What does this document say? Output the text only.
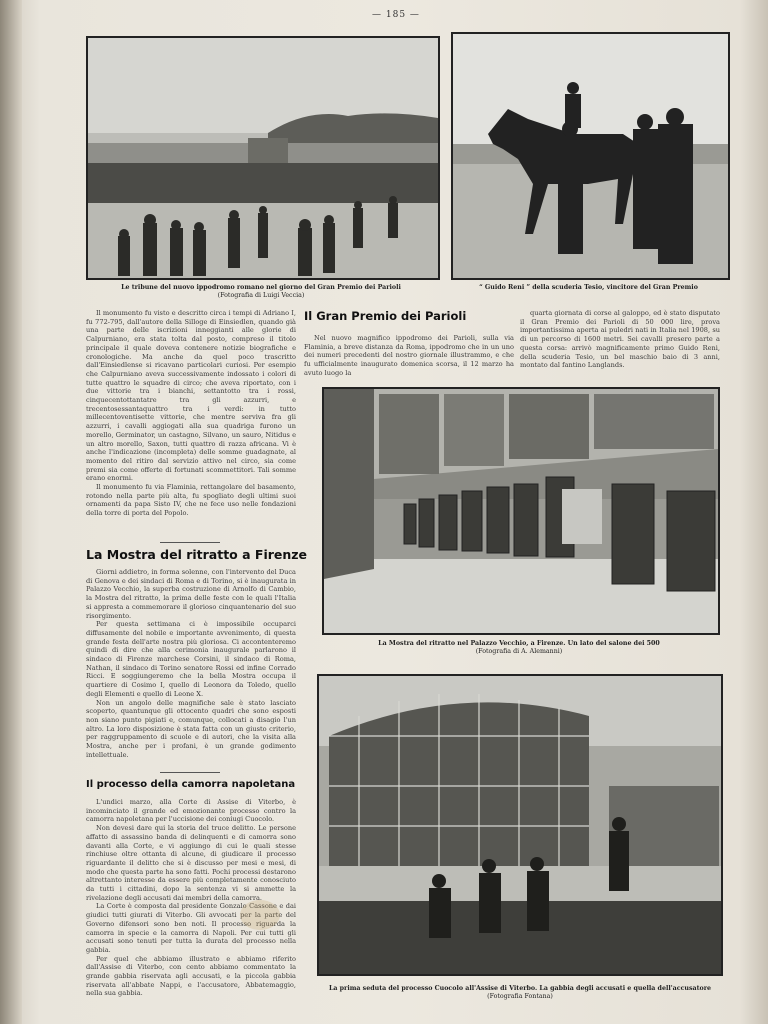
— 185 —
Le tribune del nuovo ippodromo romano nel giorno del Gran Premio dei Parioli
(Fotografia di Luigi Veccia)
“ Guido Reni ” della scuderia Tesio, vincitore del Gran Premio

Il monumento fu visto e descritto circa i tempi di Adriano I, fu 772-795, dall'autore della Silloge di Einsiedlen, quando già una parte delle iscrizioni inneggianti alle glorie di Calpurniano, era stata tolta dal posto, compreso il titolo principale il quale doveva contenere notizie biografiche e cronologiche. Ma anche da quel poco trascritto dall'Einsiedlense si ricavano particolari curiosi. Per esempio che Calpurniano aveva successivamente indossato i colori di tutte quattro le squadre di circo; che aveva riportato, con i due vittorie tra i bianchi, settantotto tra i rossi, cinquecentottantatre tra gli azzurri, e trecentosessantaquattro tra i verdi: in tutto millecentoventisette vittorie, che mentre serviva fra gli azzurri, i cavalli aggiogati alla sua quadriga furono un morello, Germinator, un castagno, Silvano, un sauro, Nitidus e un altro morello, Saxon, tutti quattro di razza africana. Vi è anche l'indicazione (incompleta) delle somme guadagnate, al momento del ritiro dal servizio attivo nel circo, sia come premi sia come offerte di fortunati scommettitori. Tali somme erano enormi.

Il monumento fu via Flaminia, rettangolare del basamento, rotondo nella parte più alta, fu spogliato degli ultimi suoi ornamenti da papa Sisto IV, che ne fece uso nelle fondazioni della torre di porta del Popolo.

La Mostra del ritratto a Firenze

Giorni addietro, in forma solenne, con l'intervento del Duca di Genova e dei sindaci di Roma e di Torino, si è inaugurata in Palazzo Vecchio, la superba costruzione di Arnolfo di Cambio, la Mostra del ritratto, la prima delle feste con le quali l'Italia si appresta a commemorare il glorioso cinquantenario del suo risorgimento.

Per questa settimana ci è impossibile occuparci diffusamente del nobile e importante avvenimento, di questa grande festa dell'arte nostra più gloriosa. Ci accontenteremo quindi di dire che alla cerimonia inaugurale parlarono il sindaco di Firenze marchese Corsini, il sindaco di Roma, Nathan, il sindaco di Torino senatore Rossi ed infine Corrado Ricci. E soggiungeremo che la bella Mostra occupa il quartiere di Cosimo I, quello di Leonora da Toledo, quello degli Elementi e quello di Leone X.

Non un angolo delle magnifiche sale è stato lasciato scoperto, quantunque gli ottocento quadri che sono esposti non siano punto pigiati e, comunque, collocati a disagio l'un altro. La loro disposizione è stata fatta con un giusto criterio, per raggruppamento di scuole e di autori, che la visita alla Mostra, anche per i profani, è un grande godimento intellettuale.

Il processo della camorra napoletana

L'undici marzo, alla Corte di Assise di Viterbo, è incominciato il grande ed emozionante processo contro la camorra napoletana per l'uccisione dei coniugi Cuocolo.

Non devesi dare qui la storia del truce delitto. Le persone affatto di assassino banda di delinquenti e di camorra sono davanti alla Corte, e vi aggiungo di cui le quali stesse rinchiuse oltre ottanta di alcune, di giudicare il processo riguardante il delitto che si è discusso per mesi e mesi, di modo che questa parte ha sono fatti. Pochi processi destarono altrettanto interesse da essere più completamente conosciuto da tutti i cittadini, dopo la sentenza vi si ammette la rivelazione degli accusati dai membri della camorra.

La Corte è composta dal presidente Gonzalo Cassone e dai giudici tutti giurati di Viterbo. Gli avvocati per la parte del Governo difensori sono ben noti. Il processo riguarda la camorra in specie e la camorra di Napoli. Per cui tutti gli accusati sono tenuti per tutta la durata del processo nella gabbia.

Per quel che abbiamo illustrato e abbiamo riferito dall'Assise di Viterbo, con cento abbiamo commentato la grande gabbia riservata agli accusati, e la piccola gabbia riservata all'abbate Nappi, e l'accusatore, Abbatemaggio, nella sua gabbia.

Il Gran Premio dei Parioli

Nel nuovo magnifico ippodromo dei Parioli, sulla via Flaminia, a breve distanza da Roma, ippodromo che in un uno dei numeri precedenti del nostro giornale illustrammo, e che fu ufficialmente inaugurato domenica scorsa, il 12 marzo ha avuto luogo la

quarta giornata di corse al galoppo, ed è stato disputato il Gran Premio dei Parioli di 50 000 lire, prova importantissima aperta ai puledri nati in Italia nel 1908, su di un percorso di 1600 metri. Sei cavalli presero parte a questa corsa: arrivò magnificamente primo Guido Reni, della scuderia Tesio, un bel maschio baio di 3 anni, montato dal fantino Langlands.

La Mostra del ritratto nel Palazzo Vecchio, a Firenze. Un lato del salone dei 500
(Fotografia di A. Alemanni)
La prima seduta del processo Cuocolo all'Assise di Viterbo. La gabbia degli accusati e quella dell'accusatore
(Fotografia Fontana)
